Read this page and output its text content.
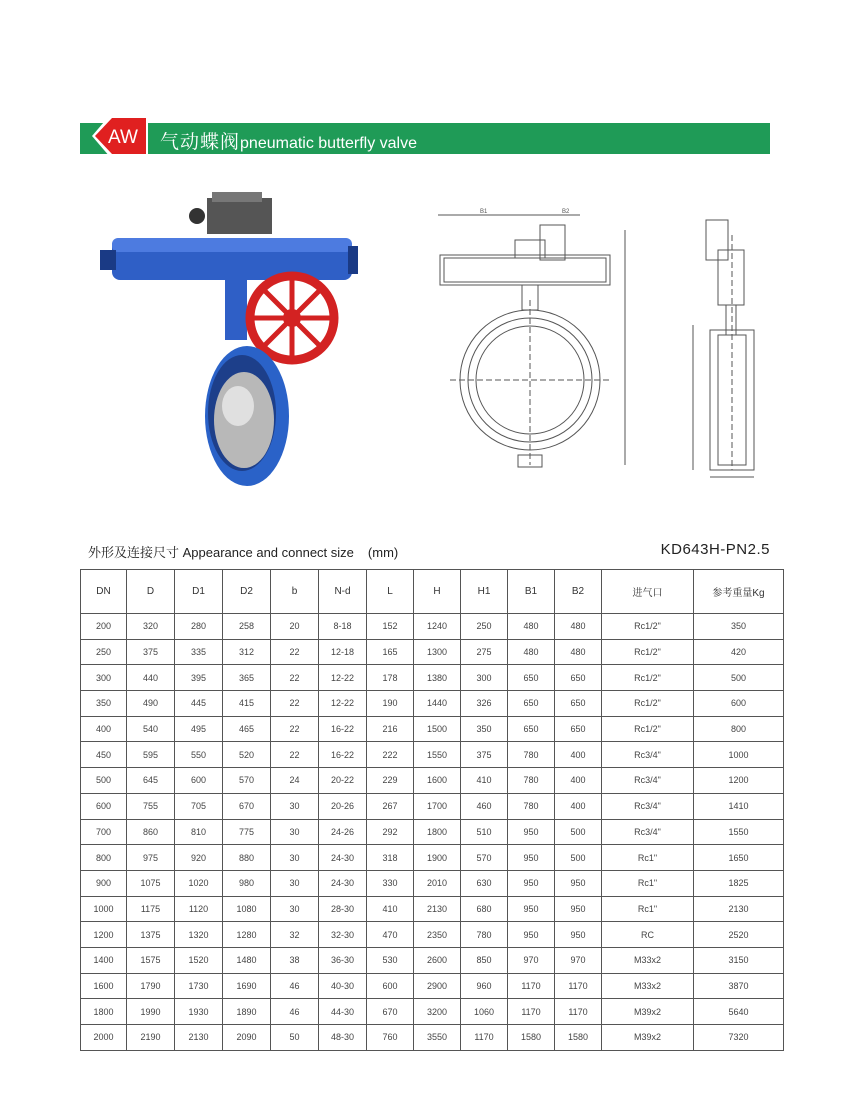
AW 气动蝶阀pneumatic butterfly valve
B1	B2
外形及连接尺寸 Appearance and connect size (mm)	KD643H-PN2.5
DN	D	D1	D2	b	N-d	L	H	H1	B1	B2	进气口	参考重量Kg
200	320	280	258	20	8-18	152	1240	250	480	480	Rc1/2"	350
250	375	335	312	22	12-18	165	1300	275	480	480	Rc1/2"	420
300	440	395	365	22	12-22	178	1380	300	650	650	Rc1/2"	500
350	490	445	415	22	12-22	190	1440	326	650	650	Rc1/2"	600
400	540	495	465	22	16-22	216	1500	350	650	650	Rc1/2"	800
450	595	550	520	22	16-22	222	1550	375	780	400	Rc3/4"	1000
500	645	600	570	24	20-22	229	1600	410	780	400	Rc3/4"	1200
600	755	705	670	30	20-26	267	1700	460	780	400	Rc3/4"	1410
700	860	810	775	30	24-26	292	1800	510	950	500	Rc3/4"	1550
800	975	920	880	30	24-30	318	1900	570	950	500	Rc1"	1650
900	1075	1020	980	30	24-30	330	2010	630	950	950	Rc1"	1825
1000	1175	1120	1080	30	28-30	410	2130	680	950	950	Rc1"	2130
1200	1375	1320	1280	32	32-30	470	2350	780	950	950	RC	2520
1400	1575	1520	1480	38	36-30	530	2600	850	970	970	M33x2	3150
1600	1790	1730	1690	46	40-30	600	2900	960	1170	1170	M33x2	3870
1800	1990	1930	1890	46	44-30	670	3200	1060	1170	1170	M39x2	5640
2000	2190	2130	2090	50	48-30	760	3550	1170	1580	1580	M39x2	7320
